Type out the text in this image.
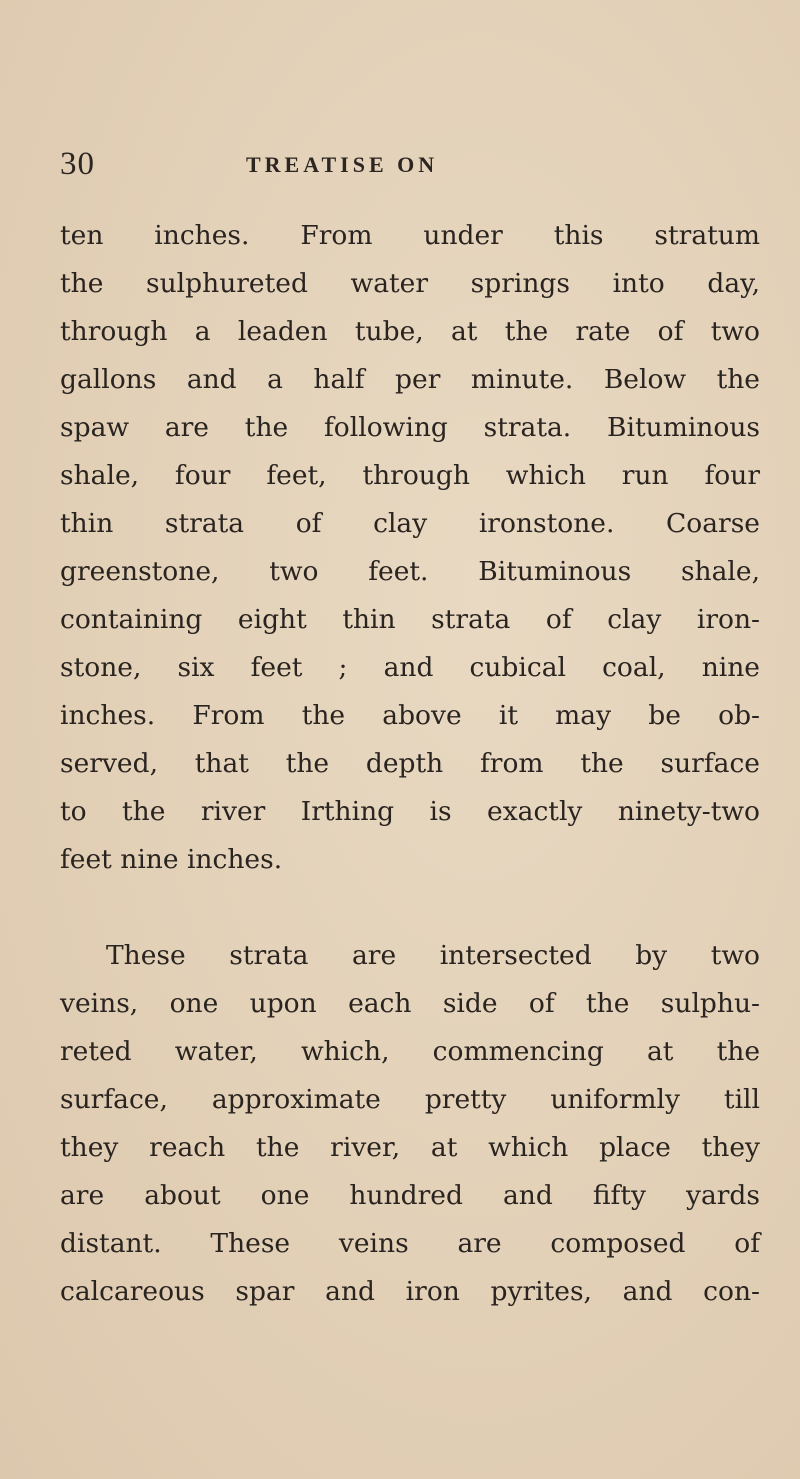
30	TREATISE ON
ten inches. From under this stratum
the sulphureted water springs into day,
through a leaden tube, at the rate of two
gallons and a half per minute. Below the
spaw are the following strata. Bituminous
shale, four feet, through which run four
thin strata of clay ironstone. Coarse
greenstone, two feet. Bituminous shale,
containing eight thin strata of clay iron-
stone, six feet ; and cubical coal, nine
inches. From the above it may be ob-
served, that the depth from the surface
to the river Irthing is exactly ninety-two
feet nine inches.
These strata are intersected by two
veins, one upon each side of the sulphu-
reted water, which, commencing at the
surface, approximate pretty uniformly till
they reach the river, at which place they
are about one hundred and fifty yards
distant. These veins are composed of
calcareous spar and iron pyrites, and con-
